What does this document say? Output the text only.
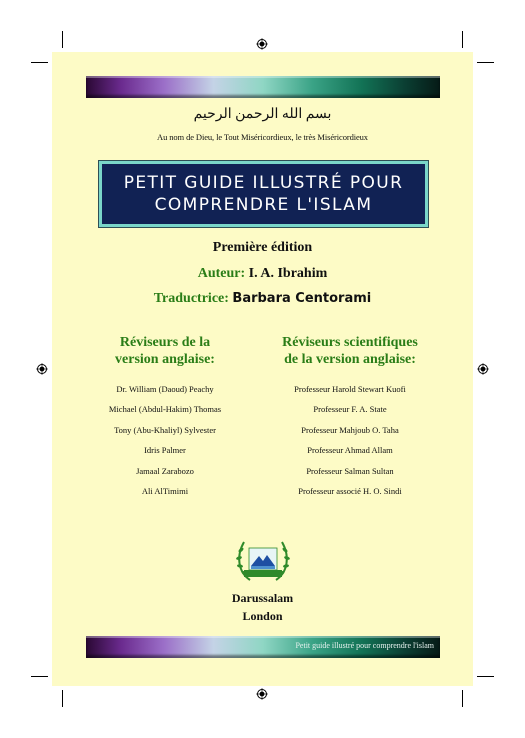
بسم الله الرحمن الرحيم
Au nom de Dieu, le Tout Miséricordieux, le très Miséricordieux
PETIT GUIDE ILLUSTRÉ POUR
COMPRENDRE L'ISLAM
Première édition
Auteur: I. A. Ibrahim
Traductrice: Barbara Centorami
Réviseurs de la
version anglaise:
Dr. William (Daoud) Peachy
Michael (Abdul-Hakim) Thomas
Tony (Abu-Khaliyl) Sylvester
Idris Palmer
Jamaal Zarabozo
Ali AlTimimi
Réviseurs scientifiques
de la version anglaise:
Professeur Harold Stewart Kuofi
Professeur F. A. State
Professeur Mahjoub O. Taha
Professeur Ahmad Allam
Professeur Salman Sultan
Professeur associé H. O. Sindi
Darussalam
London
Petit guide illustré pour comprendre l'islam
